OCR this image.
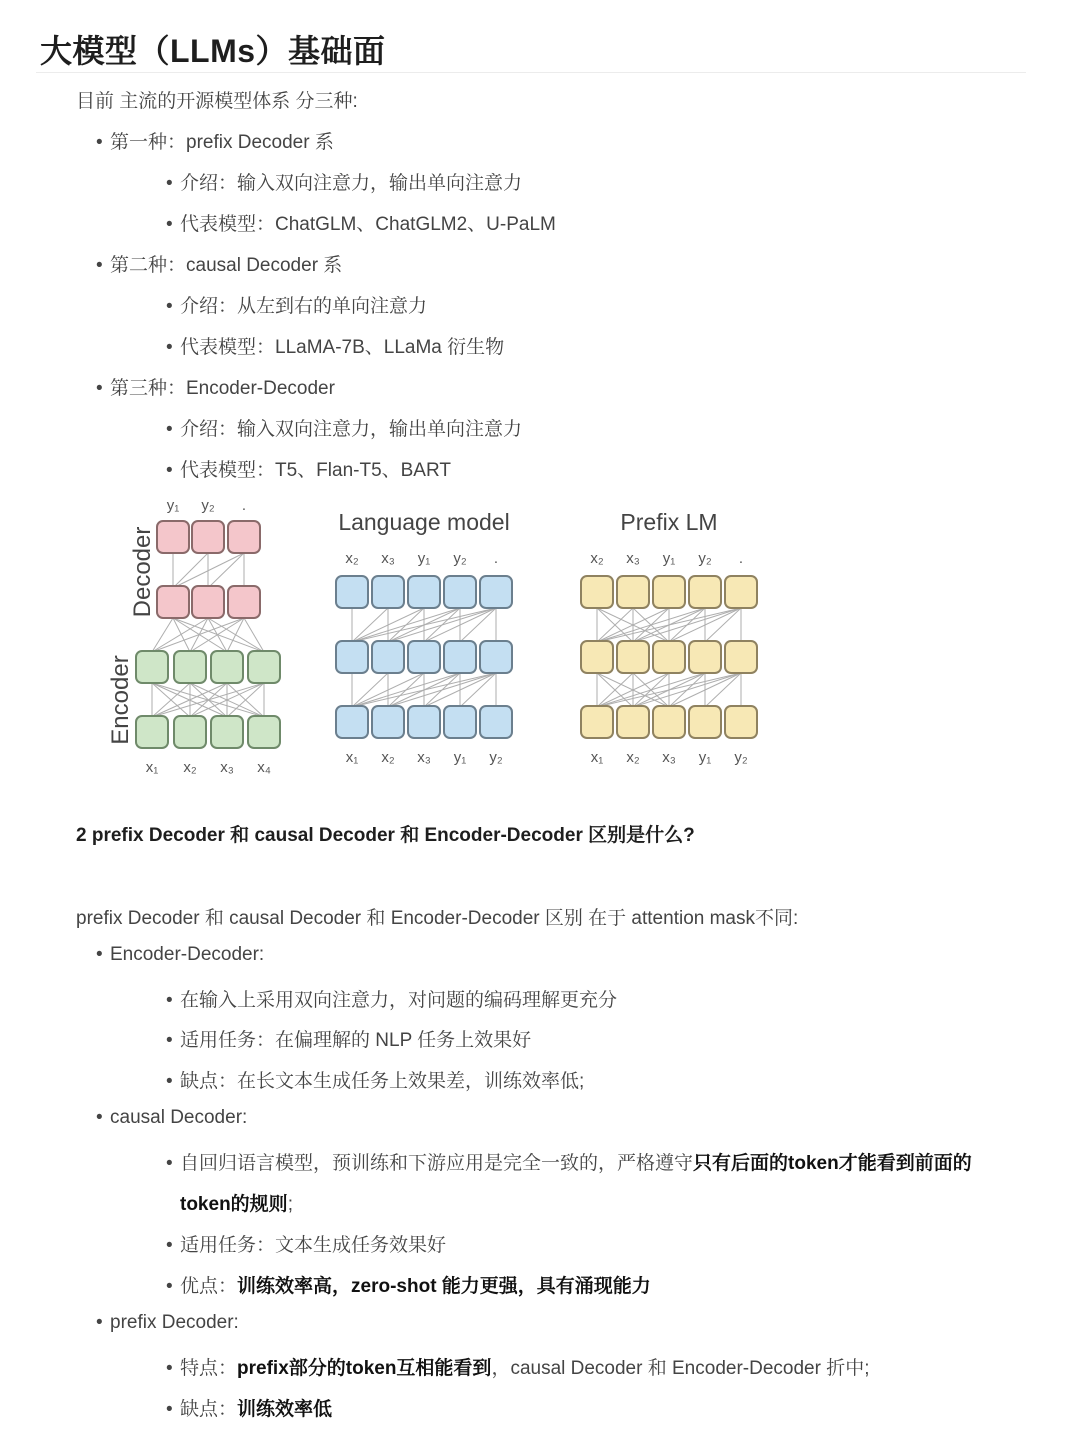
大模型（LLMs）基础面
目前 主流的开源模型体系 分三种:
• 第一种：prefix Decoder 系
• 介绍：输入双向注意力，输出单向注意力
• 代表模型：ChatGLM、ChatGLM2、U-PaLM
• 第二种：causal Decoder 系
• 介绍：从左到右的单向注意力
• 代表模型：LLaMA-7B、LLaMa 衍生物
• 第三种：Encoder-Decoder
• 介绍：输入双向注意力，输出单向注意力
• 代表模型：T5、Flan-T5、BART
Decoder
Encoder
y₁ y₂ .
x₁ x₂ x₃ x₄
Language model
x₂ x₃ y₁ y₂ .
x₁ x₂ x₃ y₁ y₂
Prefix LM
x₂ x₃ y₁ y₂ .
x₁ x₂ x₃ y₁ y₂
2 prefix Decoder 和 causal Decoder 和 Encoder-Decoder 区别是什么?
prefix Decoder 和 causal Decoder 和 Encoder-Decoder 区别 在于 attention mask不同:
• Encoder-Decoder:
• 在输入上采用双向注意力，对问题的编码理解更充分
• 适用任务：在偏理解的 NLP 任务上效果好
• 缺点：在长文本生成任务上效果差，训练效率低;
• causal Decoder:
• 自回归语言模型，预训练和下游应用是完全一致的，严格遵守只有后面的token才能看到前面的
token的规则;
• 适用任务：文本生成任务效果好
• 优点：训练效率高，zero-shot 能力更强，具有涌现能力
• prefix Decoder:
• 特点：prefix部分的token互相能看到，causal Decoder 和 Encoder-Decoder 折中;
• 缺点：训练效率低
